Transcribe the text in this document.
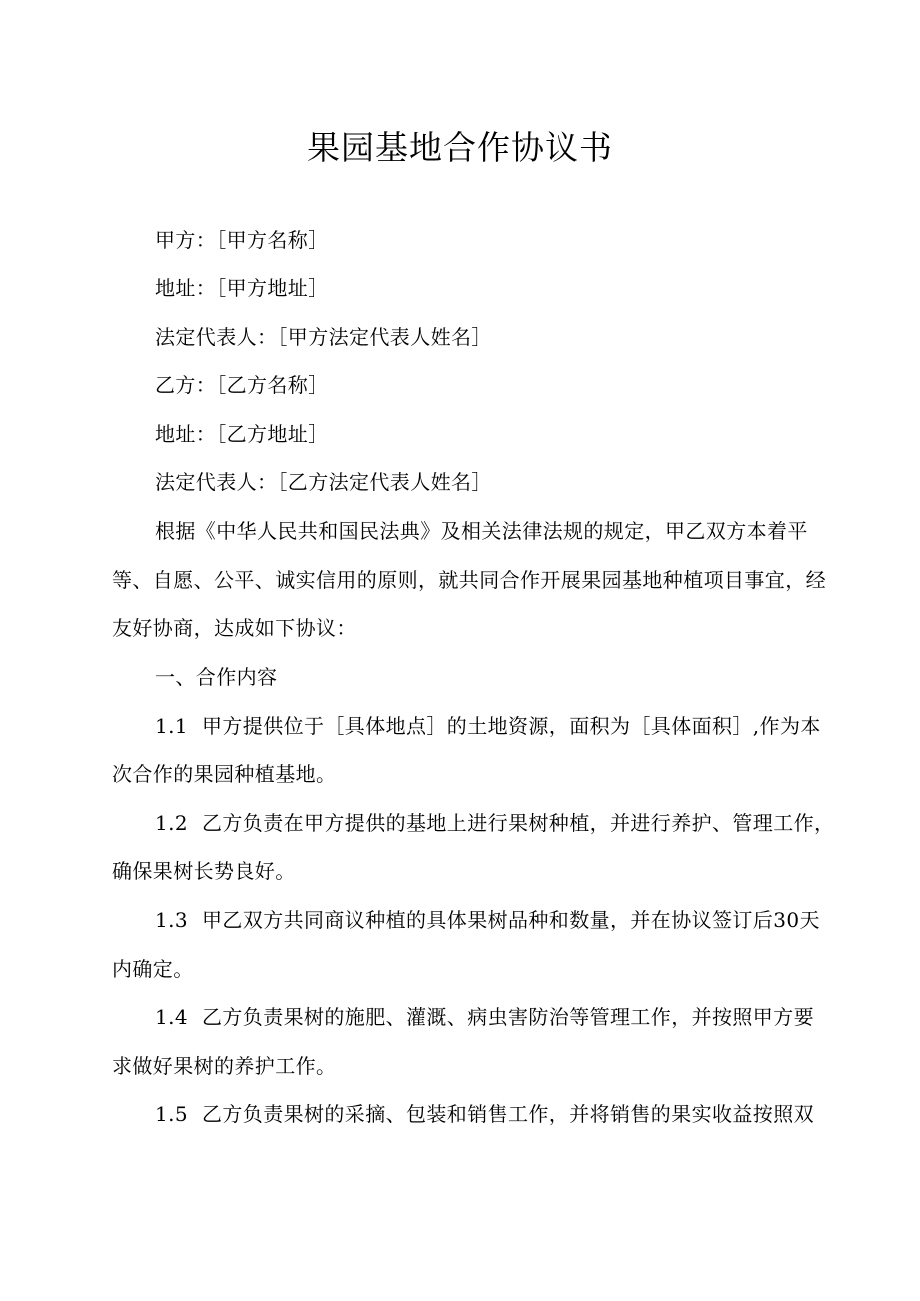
果园基地合作协议书
甲方：［甲方名称］
地址：［甲方地址］
法定代表人：［甲方法定代表人姓名］
乙方：［乙方名称］
地址：［乙方地址］
法定代表人：［乙方法定代表人姓名］
根据《中华人民共和国民法典》及相关法律法规的规定，甲乙双方本着平
等、自愿、公平、诚实信用的原则，就共同合作开展果园基地种植项目事宜，经
友好协商，达成如下协议：
一、合作内容
1.1 甲方提供位于［具体地点］的土地资源，面积为［具体面积］,作为本
次合作的果园种植基地。
1.2 乙方负责在甲方提供的基地上进行果树种植，并进行养护、管理工作，
确保果树长势良好。
1.3 甲乙双方共同商议种植的具体果树品种和数量，并在协议签订后30天
内确定。
1.4 乙方负责果树的施肥、灌溉、病虫害防治等管理工作，并按照甲方要
求做好果树的养护工作。
1.5 乙方负责果树的采摘、包装和销售工作，并将销售的果实收益按照双
